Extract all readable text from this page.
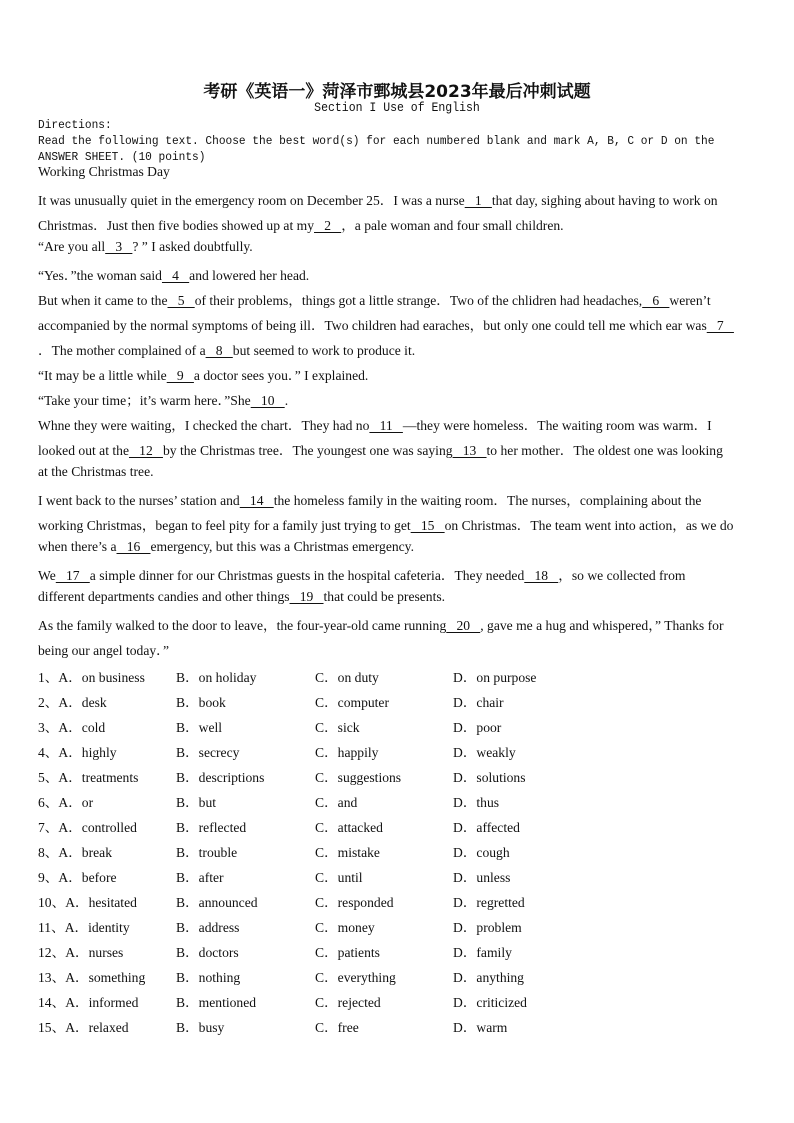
考研《英语一》菏泽市鄄城县2023年最后冲刺试题
Section I Use of English
Directions:
Read the following text. Choose the best word(s) for each numbered blank and mark A, B, C or D on the
ANSWER SHEET. (10 points)
Working Christmas Day
It was unusually quiet in the emergency room on December 25．I was a nurse   1   that day, sighing about having to work on
Christmas．Just then five bodies showed up at my   2   ，a pale woman and four small children.
“Are you all   3   ? ” I asked doubtfully.
“Yes．”the woman said   4   and lowered her head.
But when it came to the   5   of their problems，things got a little strange．Two of the chlidren had headaches,   6   weren’t
accompanied by the normal symptoms of being ill．Two children had earaches，but only one could tell me which ear was   7
．The mother complained of a   8   but seemed to work to produce it.
“It may be a little while   9   a doctor sees you．” I explained.
“Take your time；it’s warm here．”She   10   .
Whne they were waiting，I checked the chart．They had no   11   —they were homeless．The waiting room was warm．I
looked out at the   12   by the Christmas tree．The youngest one was saying   13   to her mother．The oldest one was looking
at the Christmas tree.
I went back to the nurses’ station and   14   the homeless family in the waiting room．The nurses，complaining about the
working Christmas，began to feel pity for a family just trying to get   15   on Christmas．The team went into action，as we do
when there’s a   16   emergency, but this was a Christmas emergency.
We   17   a simple dinner for our Christmas guests in the hospital cafeteria．They needed   18   ，so we collected from
different departments candies and other things   19   that could be presents.
As the family walked to the door to leave，the four-year-old came running   20   , gave me a hug and whispered，” Thanks for
being our angel today．”
1、A．on business B．on holiday	C．on duty	D．on purpose
2、A．desk	B．book	C．computer	D．chair
3、A．cold	B．well	C．sick	D．poor
4、A．highly	B．secrecy	C．happily	D．weakly
5、A．treatments	B．descriptions	C．suggestions	D．solutions
6、A．or	B．but	C．and	D．thus
7、A．controlled	B．reflected	C．attacked	D．affected
8、A．break	B．trouble	C．mistake	D．cough
9、A．before	B．after	C．until	D．unless
10、A．hesitated	B．announced	C．responded	D．regretted
11、A．identity	B．address	C．money	D．problem
12、A．nurses	B．doctors	C．patients	D．family
13、A．something B．nothing	C．everything	D．anything
14、A．informed	B．mentioned	C．rejected	D．criticized
15、A．relaxed	B．busy	C．free	D．warm
